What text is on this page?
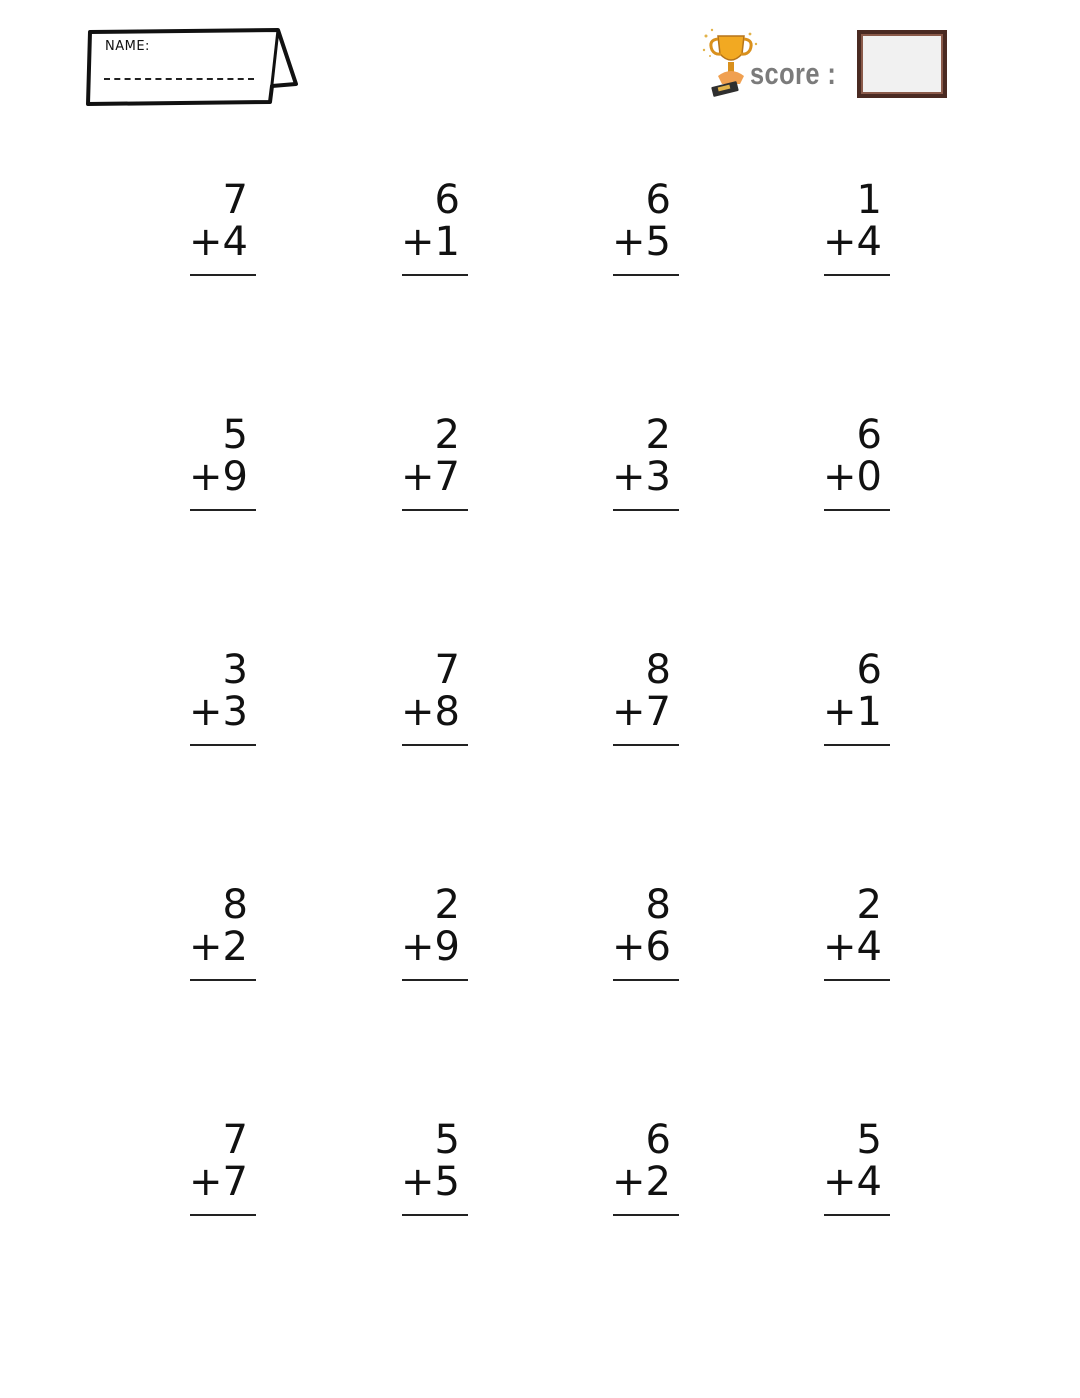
NAME:
score :
7
+4
6
+1
6
+5
1
+4
5
+9
2
+7
2
+3
6
+0
3
+3
7
+8
8
+7
6
+1
8
+2
2
+9
8
+6
2
+4
7
+7
5
+5
6
+2
5
+4
